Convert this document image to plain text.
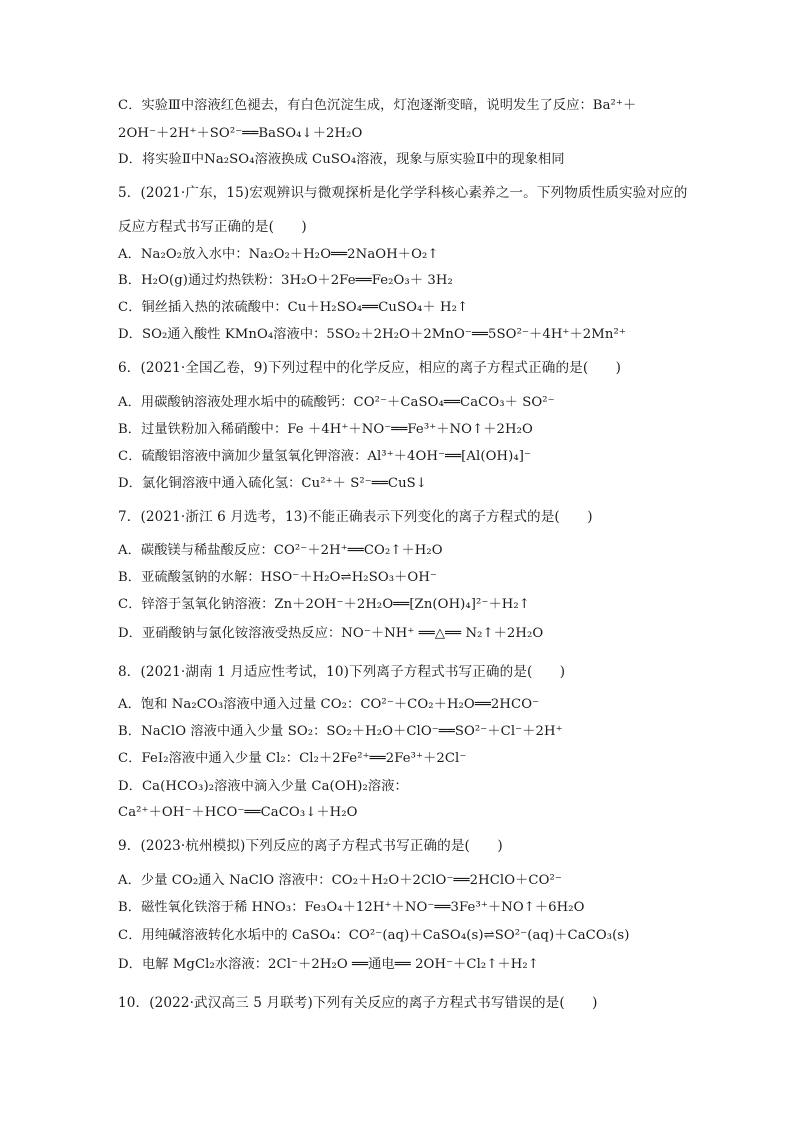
C．实验Ⅲ中溶液红色褪去，有白色沉淀生成，灯泡逐渐变暗，说明发生了反应：Ba²⁺＋
2OH⁻＋2H⁺＋SO²⁻══BaSO₄↓＋2H₂O
D．将实验Ⅱ中Na₂SO₄溶液换成 CuSO₄溶液，现象与原实验Ⅱ中的现象相同
5．(2021·广东，15)宏观辨识与微观探析是化学学科核心素养之一。下列物质性质实验对应的
反应方程式书写正确的是(　　)
A．Na₂O₂放入水中：Na₂O₂＋H₂O══2NaOH＋O₂↑
B．H₂O(g)通过灼热铁粉：3H₂O＋2Fe══Fe₂O₃＋ 3H₂
C．铜丝插入热的浓硫酸中：Cu＋H₂SO₄══CuSO₄＋ H₂↑
D．SO₂通入酸性 KMnO₄溶液中：5SO₂＋2H₂O＋2MnO⁻══5SO²⁻＋4H⁺＋2Mn²⁺
6．(2021·全国乙卷，9)下列过程中的化学反应，相应的离子方程式正确的是(　　)
A．用碳酸钠溶液处理水垢中的硫酸钙：CO²⁻＋CaSO₄══CaCO₃＋ SO²⁻
B．过量铁粉加入稀硝酸中：Fe ＋4H⁺＋NO⁻══Fe³⁺＋NO↑＋2H₂O
C．硫酸铝溶液中滴加少量氢氧化钾溶液：Al³⁺＋4OH⁻══[Al(OH)₄]⁻
D．氯化铜溶液中通入硫化氢：Cu²⁺＋ S²⁻══CuS↓
7．(2021·浙江 6 月选考，13)不能正确表示下列变化的离子方程式的是(　　)
A．碳酸镁与稀盐酸反应：CO²⁻＋2H⁺══CO₂↑＋H₂O
B．亚硫酸氢钠的水解：HSO⁻＋H₂O⇌H₂SO₃＋OH⁻
C．锌溶于氢氧化钠溶液：Zn＋2OH⁻＋2H₂O══[Zn(OH)₄]²⁻＋H₂↑
D．亚硝酸钠与氯化铵溶液受热反应：NO⁻＋NH⁺ ══△══ N₂↑＋2H₂O
8．(2021·湖南 1 月适应性考试，10)下列离子方程式书写正确的是(　　)
A．饱和 Na₂CO₃溶液中通入过量 CO₂：CO²⁻＋CO₂＋H₂O══2HCO⁻
B．NaClO 溶液中通入少量 SO₂：SO₂＋H₂O＋ClO⁻══SO²⁻＋Cl⁻＋2H⁺
C．FeI₂溶液中通入少量 Cl₂：Cl₂＋2Fe²⁺══2Fe³⁺＋2Cl⁻
D．Ca(HCO₃)₂溶液中滴入少量 Ca(OH)₂溶液：
Ca²⁺＋OH⁻＋HCO⁻══CaCO₃↓＋H₂O
9．(2023·杭州模拟)下列反应的离子方程式书写正确的是(　　)
A．少量 CO₂通入 NaClO 溶液中：CO₂＋H₂O＋2ClO⁻══2HClO＋CO²⁻
B．磁性氧化铁溶于稀 HNO₃：Fe₃O₄＋12H⁺＋NO⁻══3Fe³⁺＋NO↑＋6H₂O
C．用纯碱溶液转化水垢中的 CaSO₄：CO²⁻(aq)＋CaSO₄(s)⇌SO²⁻(aq)＋CaCO₃(s)
D．电解 MgCl₂水溶液：2Cl⁻＋2H₂O ══通电══ 2OH⁻＋Cl₂↑＋H₂↑
10．(2022·武汉高三 5 月联考)下列有关反应的离子方程式书写错误的是(　　)
